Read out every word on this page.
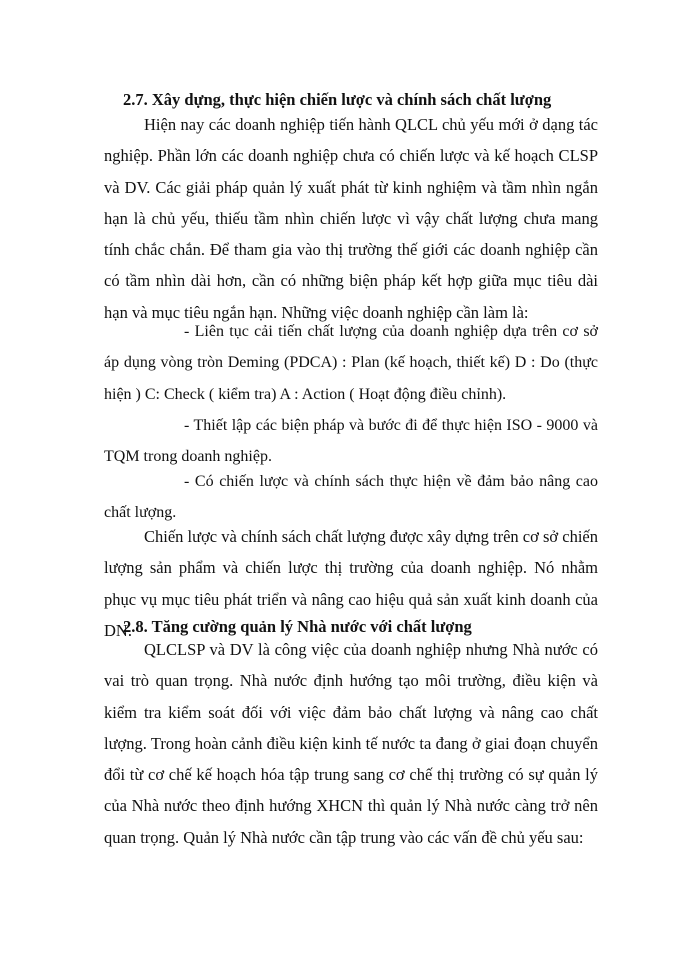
2.7. Xây dựng, thực hiện chiến lược và chính sách chất lượng

Hiện nay các doanh nghiệp tiến hành QLCL chủ yếu mới ở dạng tác nghiệp. Phần lớn các doanh nghiệp chưa có chiến lược và kế hoạch CLSP và DV. Các giải pháp quản lý xuất phát từ kinh nghiệm và tầm nhìn ngắn hạn là chủ yếu, thiếu tầm nhìn chiến lược vì vậy chất lượng chưa mang tính chắc chắn. Để tham gia vào thị trường thế giới các doanh nghiệp cần có tầm nhìn dài hơn, cần có những biện pháp kết hợp giữa mục tiêu dài hạn và mục tiêu ngắn hạn. Những việc doanh nghiệp cần làm là:

- Liên tục cải tiến chất lượng của doanh nghiệp dựa trên cơ sở áp dụng vòng tròn Deming (PDCA) : Plan (kế hoạch, thiết kế) D : Do (thực hiện ) C: Check ( kiểm tra) A : Action ( Hoạt động điều chỉnh).

- Thiết lập các biện pháp và bước đi để thực hiện ISO - 9000 và TQM trong doanh nghiệp.

- Có chiến lược và chính sách thực hiện về đảm bảo nâng cao chất lượng.

Chiến lược và chính sách chất lượng được xây dựng trên cơ sở chiến lượng sản phẩm và chiến lược thị trường của doanh nghiệp. Nó nhằm phục vụ mục tiêu phát triển và nâng cao hiệu quả sản xuất kinh doanh của DN.

2.8. Tăng cường quản lý Nhà nước với chất lượng

QLCLSP và DV là công việc của doanh nghiệp nhưng Nhà nước có vai trò quan trọng. Nhà nước định hướng tạo môi trường, điều kiện và kiểm tra kiểm soát đối với việc đảm bảo chất lượng và nâng cao chất lượng. Trong hoàn cảnh điều kiện kinh tế nước ta đang ở giai đoạn chuyển đổi từ cơ chế kế hoạch hóa tập trung sang cơ chế thị trường có sự quản lý của Nhà nước theo định hướng XHCN thì quản lý Nhà nước càng trở nên quan trọng. Quản lý Nhà nước cần tập trung vào các vấn đề chủ yếu sau:
